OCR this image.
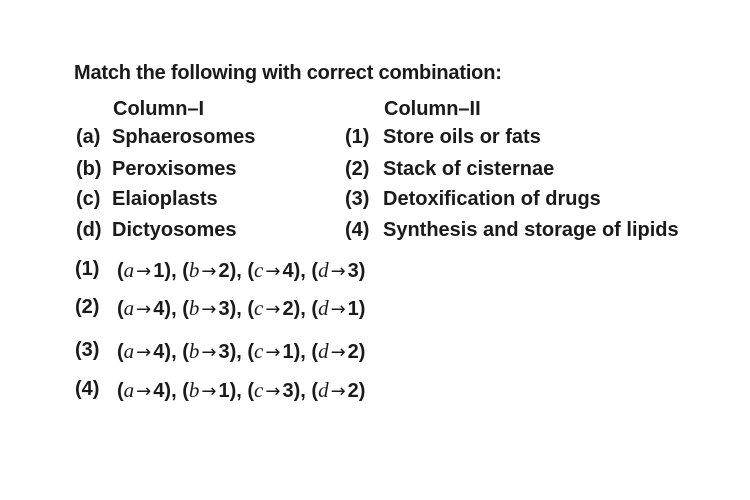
Match the following with correct combination:
Column–I	Column–II
(a) Sphaerosomes	(1) Store oils or fats
(b) Peroxisomes	(2) Stack of cisternae
(c) Elaioplasts	(3) Detoxification of drugs
(d) Dictyosomes	(4) Synthesis and storage of lipids
(1) (a → 1), (b → 2), (c → 4), (d → 3)
(2) (a → 4), (b → 3), (c → 2), (d → 1)
(3) (a → 4), (b → 3), (c → 1), (d → 2)
(4) (a → 4), (b → 1), (c → 3), (d → 2)
